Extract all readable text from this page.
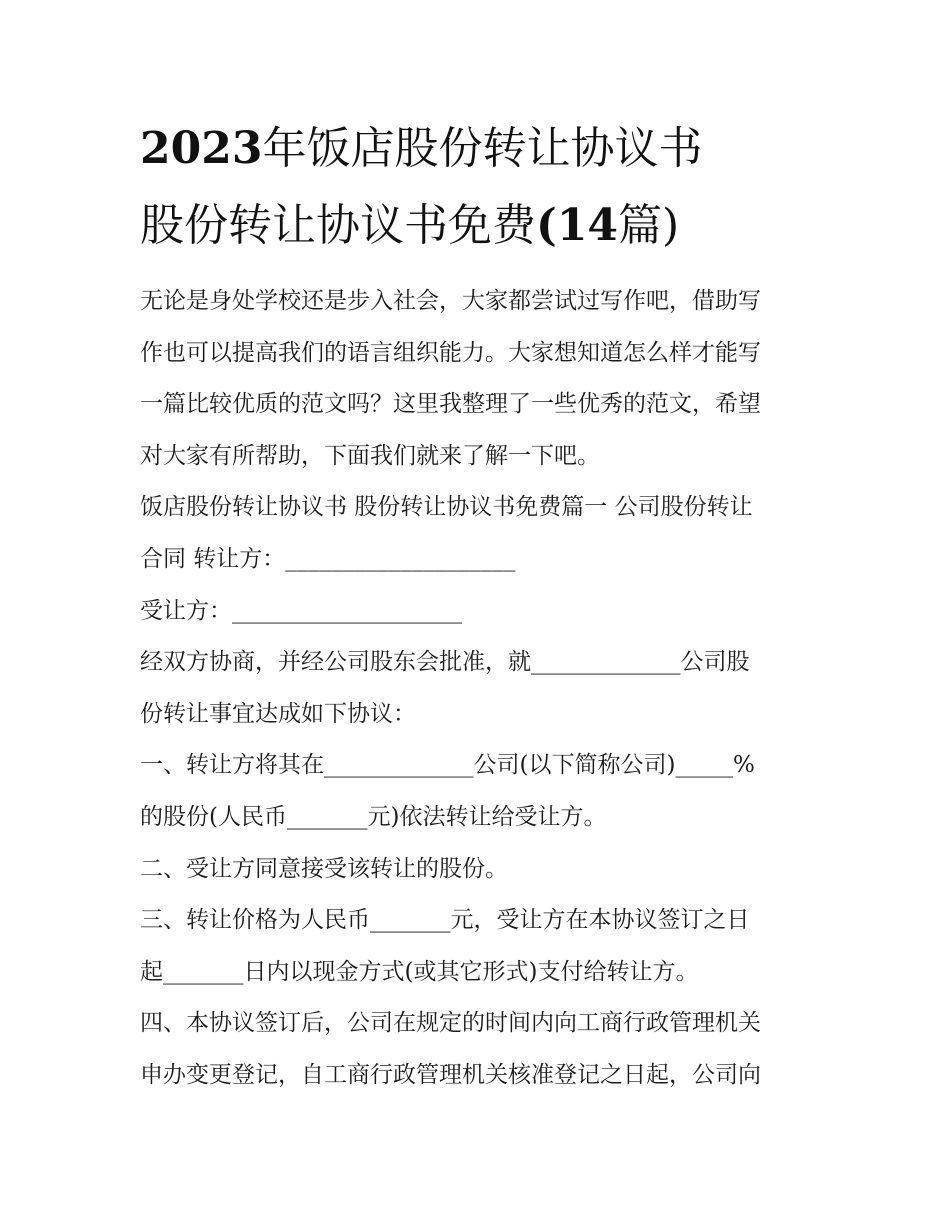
2023年饭店股份转让协议书
股份转让协议书免费(14篇)
无论是身处学校还是步入社会，大家都尝试过写作吧，借助写
作也可以提高我们的语言组织能力。大家想知道怎么样才能写
一篇比较优质的范文吗？这里我整理了一些优秀的范文，希望
对大家有所帮助，下面我们就来了解一下吧。
饭店股份转让协议书 股份转让协议书免费篇一 公司股份转让
合同 转让方：____________________
受让方：____________________
经双方协商，并经公司股东会批准，就_____________公司股
份转让事宜达成如下协议：
一、转让方将其在_____________公司(以下简称公司)_____%
的股份(人民币_______元)依法转让给受让方。
二、受让方同意接受该转让的股份。
三、转让价格为人民币_______元，受让方在本协议签订之日
起_______日内以现金方式(或其它形式)支付给转让方。
四、本协议签订后，公司在规定的时间内向工商行政管理机关
申办变更登记，自工商行政管理机关核准登记之日起，公司向
